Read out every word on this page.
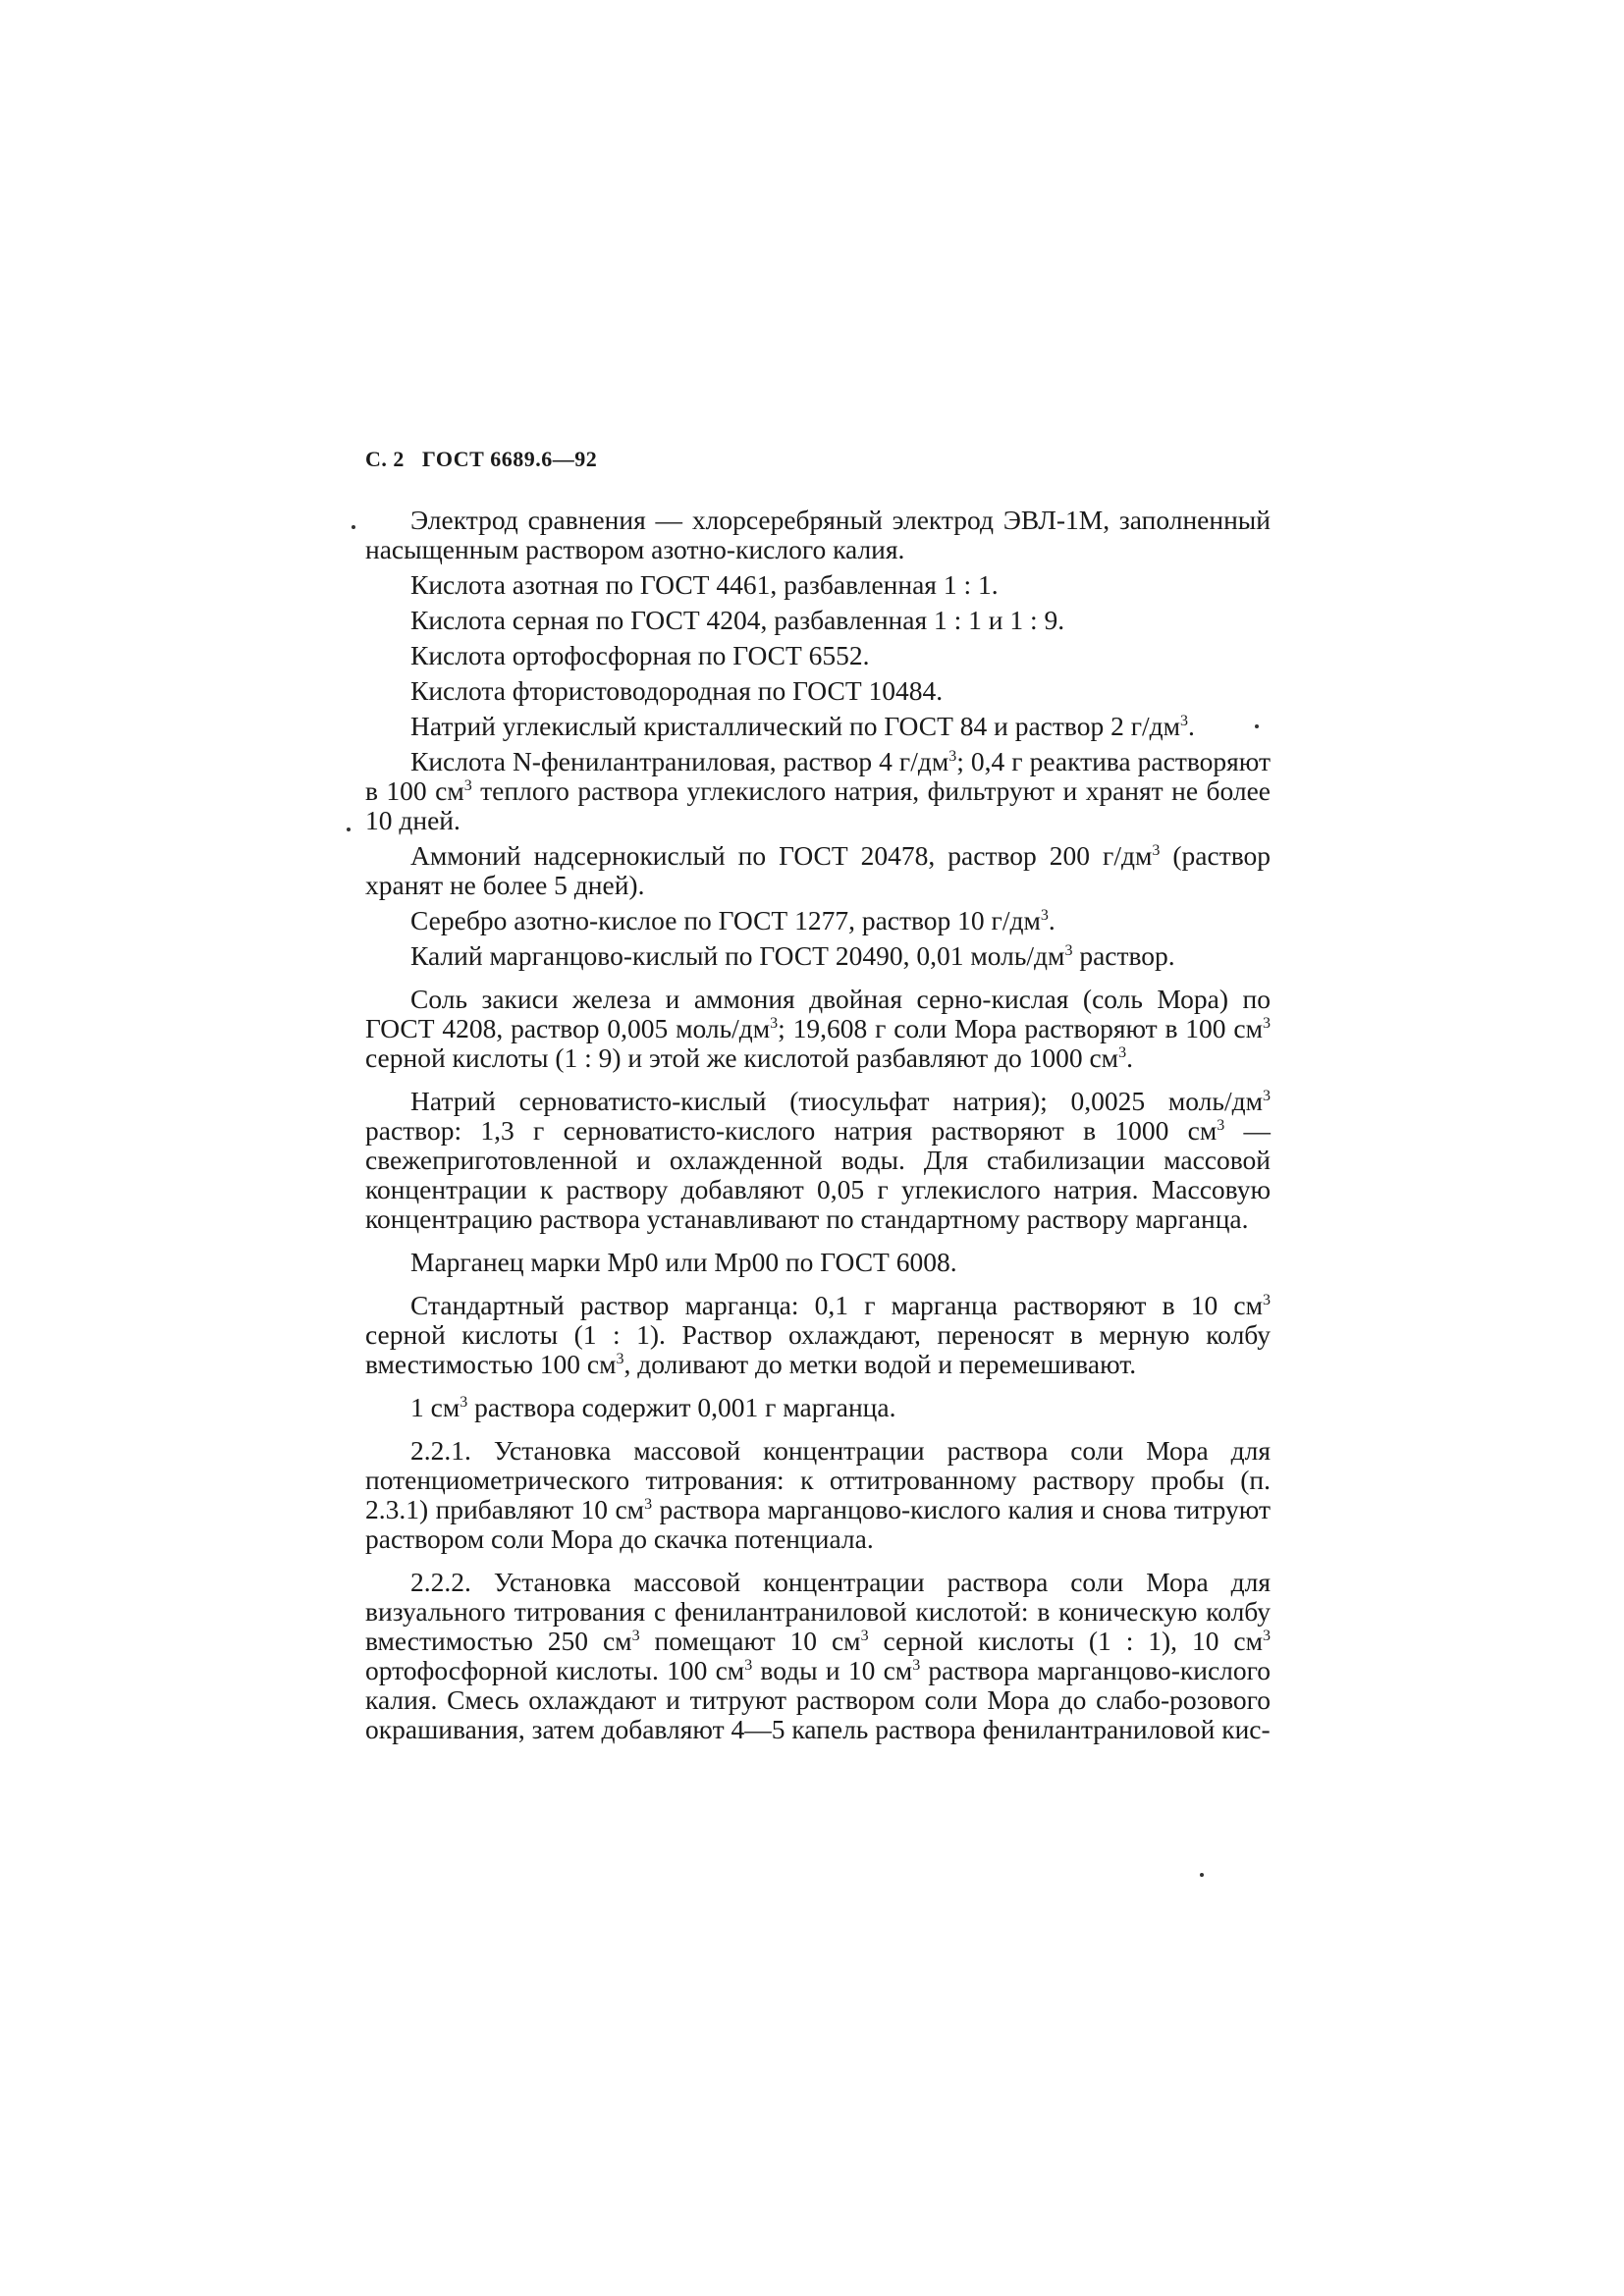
С. 2 ГОСТ 6689.6—92

Электрод сравнения — хлорсеребряный электрод ЭВЛ-1М, заполненный насыщенным раствором азотно-кислого калия.

Кислота азотная по ГОСТ 4461, разбавленная 1 : 1.

Кислота серная по ГОСТ 4204, разбавленная 1 : 1 и 1 : 9.

Кислота ортофосфорная по ГОСТ 6552.

Кислота фтористоводородная по ГОСТ 10484.

Натрий углекислый кристаллический по ГОСТ 84 и раствор 2 $г/дм^3$.

Кислота N-фенилантраниловая, раствор 4 $г/дм^3$; 0,4 г реактива растворяют в 100 $см^3$ теплого раствора углекислого натрия, фильтруют и хранят не более 10 дней.

Аммоний надсернокислый по ГОСТ 20478, раствор 200 $г/дм^3$ (раствор хранят не более 5 дней).

Серебро азотно-кислое по ГОСТ 1277, раствор 10 $г/дм^3$.

Калий марганцово-кислый по ГОСТ 20490, 0,01 моль/$дм^3$ раствор.

Соль закиси железа и аммония двойная серно-кислая (соль Мора) по ГОСТ 4208, раствор 0,005 моль/$дм^3$; 19,608 г соли Мора растворяют в 100 $см^3$ серной кислоты (1 : 9) и этой же кислотой разбавляют до 1000 $см^3$.

Натрий серноватисто-кислый (тиосульфат натрия); 0,0025 моль/$дм^3$ раствор: 1,3 г серноватисто-кислого натрия растворяют в 1000 $см^3$ — свежеприготовленной и охлажденной воды. Для стабилизации массовой концентрации к раствору добавляют 0,05 г углекислого натрия. Массовую концентрацию раствора устанавливают по стандартному раствору марганца.

Марганец марки Мр0 или Мр00 по ГОСТ 6008.

Стандартный раствор марганца: 0,1 г марганца растворяют в 10 $см^3$ серной кислоты (1 : 1). Раствор охлаждают, переносят в мерную колбу вместимостью 100 $см^3$, доливают до метки водой и перемешивают.

1 $см^3$ раствора содержит 0,001 г марганца.

2.2.1. Установка массовой концентрации раствора соли Мора для потенциометрического титрования: к оттитрованному раствору пробы (п. 2.3.1) прибавляют 10 $см^3$ раствора марганцово-кислого калия и снова титруют раствором соли Мора до скачка потенциала.

2.2.2. Установка массовой концентрации раствора соли Мора для визуального титрования с фенилантраниловой кислотой: в коническую колбу вместимостью 250 $см^3$ помещают 10 $см^3$ серной кислоты (1 : 1), 10 $см^3$ ортофосфорной кислоты. 100 $см^3$ воды и 10 $см^3$ раствора марганцово-кислого калия. Смесь охлаждают и титруют раствором соли Мора до слабо-розового окрашивания, затем добавляют 4—5 капель раствора фенилантраниловой кис-
